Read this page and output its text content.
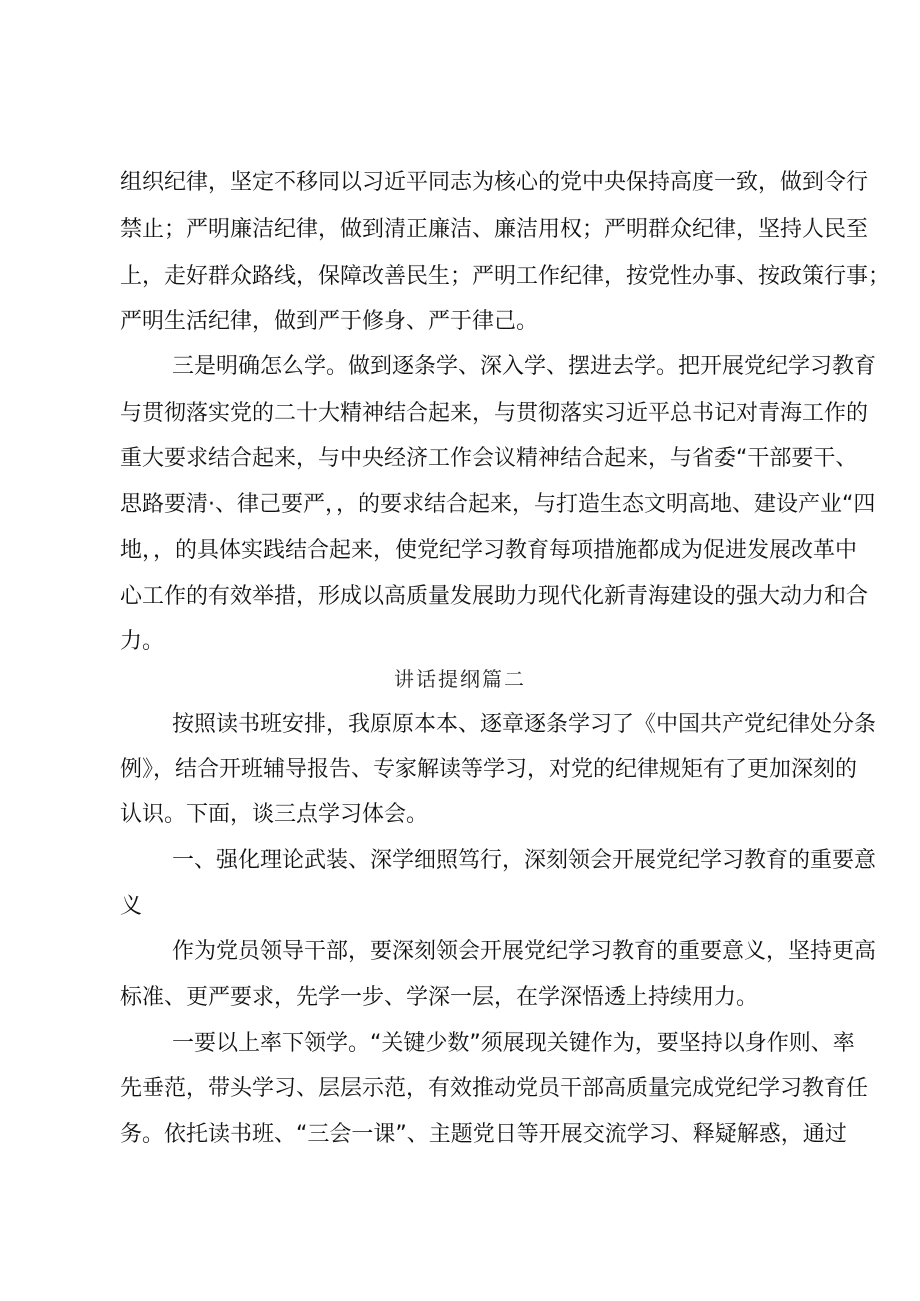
组织纪律，坚定不移同以习近平同志为核心的党中央保持高度一致，做到令行
禁止；严明廉洁纪律，做到清正廉洁、廉洁用权；严明群众纪律，坚持人民至
上，走好群众路线，保障改善民生；严明工作纪律，按党性办事、按政策行事；
严明生活纪律，做到严于修身、严于律己。
三是明确怎么学。做到逐条学、深入学、摆进去学。把开展党纪学习教育
与贯彻落实党的二十大精神结合起来，与贯彻落实习近平总书记对青海工作的
重大要求结合起来，与中央经济工作会议精神结合起来，与省委“干部要干、
思路要清·、律己要严，，的要求结合起来，与打造生态文明高地、建设产业“四
地，，的具体实践结合起来，使党纪学习教育每项措施都成为促进发展改革中
心工作的有效举措，形成以高质量发展助力现代化新青海建设的强大动力和合
力。
讲话提纲篇二
按照读书班安排，我原原本本、逐章逐条学习了《中国共产党纪律处分条
例》，结合开班辅导报告、专家解读等学习，对党的纪律规矩有了更加深刻的
认识。下面，谈三点学习体会。
一、强化理论武装、深学细照笃行，深刻领会开展党纪学习教育的重要意
义
作为党员领导干部，要深刻领会开展党纪学习教育的重要意义，坚持更高
标准、更严要求，先学一步、学深一层，在学深悟透上持续用力。
一要以上率下领学。“关键少数”须展现关键作为，要坚持以身作则、率
先垂范，带头学习、层层示范，有效推动党员干部高质量完成党纪学习教育任
务。依托读书班、“三会一课”、主题党日等开展交流学习、释疑解惑，通过
